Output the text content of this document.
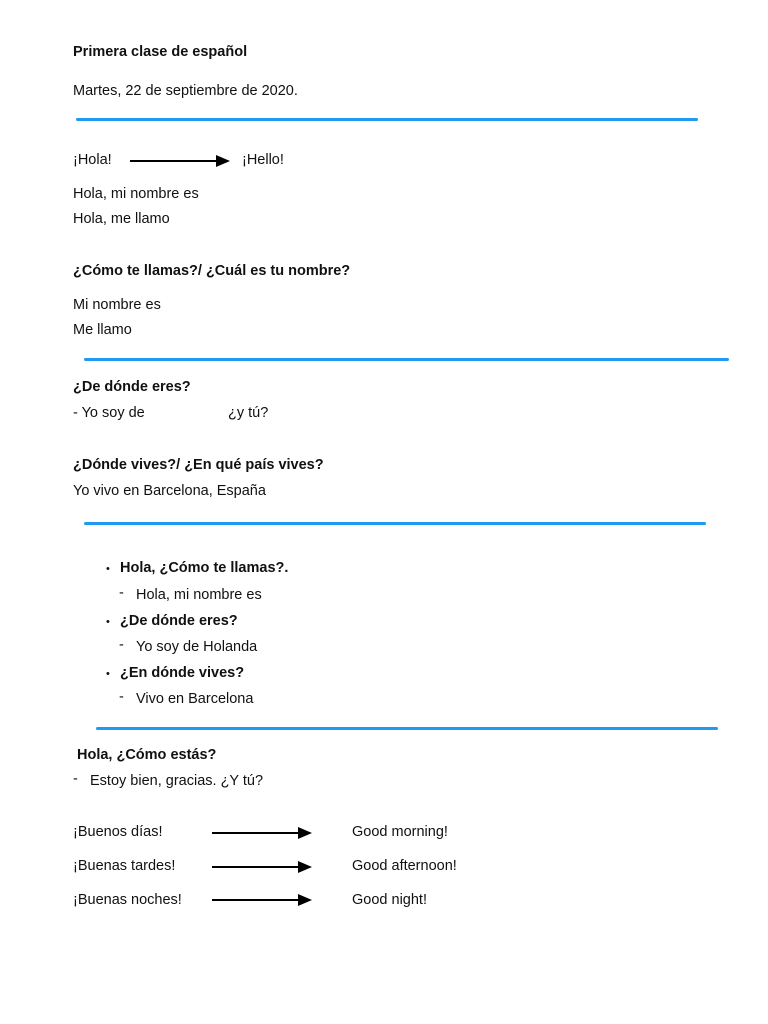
Primera clase de español
Martes, 22 de septiembre de 2020.
¡Hola!	¡Hello!
Hola, mi nombre es
Hola, me llamo
¿Cómo te llamas?/ ¿Cuál es tu nombre?
Mi nombre es
Me llamo
¿De dónde eres?
- Yo soy de	¿y tú?
¿Dónde vives?/ ¿En qué país vives?
Yo vivo en Barcelona, España
• Hola, ¿Cómo te llamas?.
- Hola, mi nombre es
• ¿De dónde eres?
- Yo soy de Holanda
• ¿En dónde vives?
- Vivo en Barcelona
Hola, ¿Cómo estás?
- Estoy bien, gracias. ¿Y tú?
¡Buenos días!	Good morning!
¡Buenas tardes!	Good afternoon!
¡Buenas noches!	Good night!
